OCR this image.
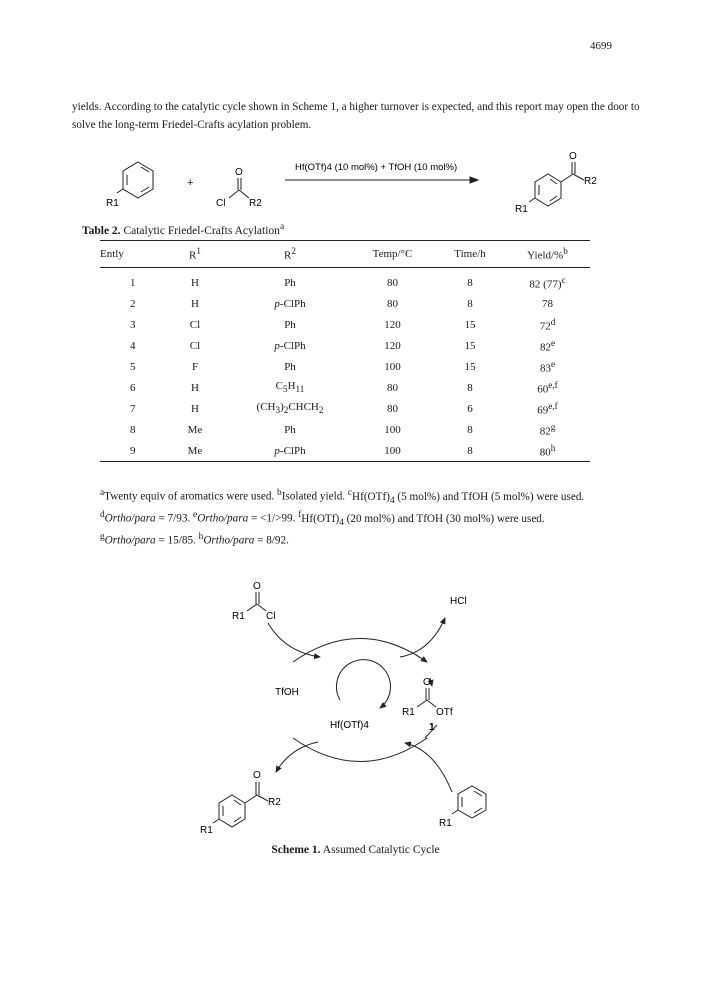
4699
yields. According to the catalytic cycle shown in Scheme 1, a higher turnover is expected, and this report may open the door to solve the long-term Friedel-Crafts acylation problem.
R1
+
O
Cl R2
Hf(OTf)4 (10 mol%) + TfOH (10 mol%)
O
R2
R1
Table 2. Catalytic Friedel-Crafts Acylation$^a$
Ently	$R^1$	$R^2$	Temp/°C	Time/h	Yield/%$^b$
1	H	Ph	80	8	82 $(77)^c$
2	H	p-ClPh	80	8	78
3	Cl	Ph	120	15	72$^d$
4	Cl	p-ClPh	120	15	82e
5	F	Ph	100	15	83e
6	H	$C_5H_{11}$	80	8	60$^{e,f}$
7	H	$(CH_3)_2CHCH_2$	80	6	69$^{e,f}$
8	Me	Ph	100	8	82$^g$
9	Me	p-ClPh	100	8	80$^h$
$^a$Twenty equiv of aromatics were used. $^b$Isolated yield. $^cHf(OTf)_4$ (5 mol%) and TfOH (5 mol%) were used. $^d$Ortho/para = 7/93. $^e$Ortho/para = <1/>99. $^fHf(OTf)_4$ (20 mol%) and TfOH (30 mol%) were used. $^g$Ortho/para = 15/85. $^h$Ortho/para = 8/92.
O
R1 Cl
HCl
TfOH
Hf(OTf)4
O
R1 OTf
1
O
R2
R1
R1
Scheme 1. Assumed Catalytic Cycle
